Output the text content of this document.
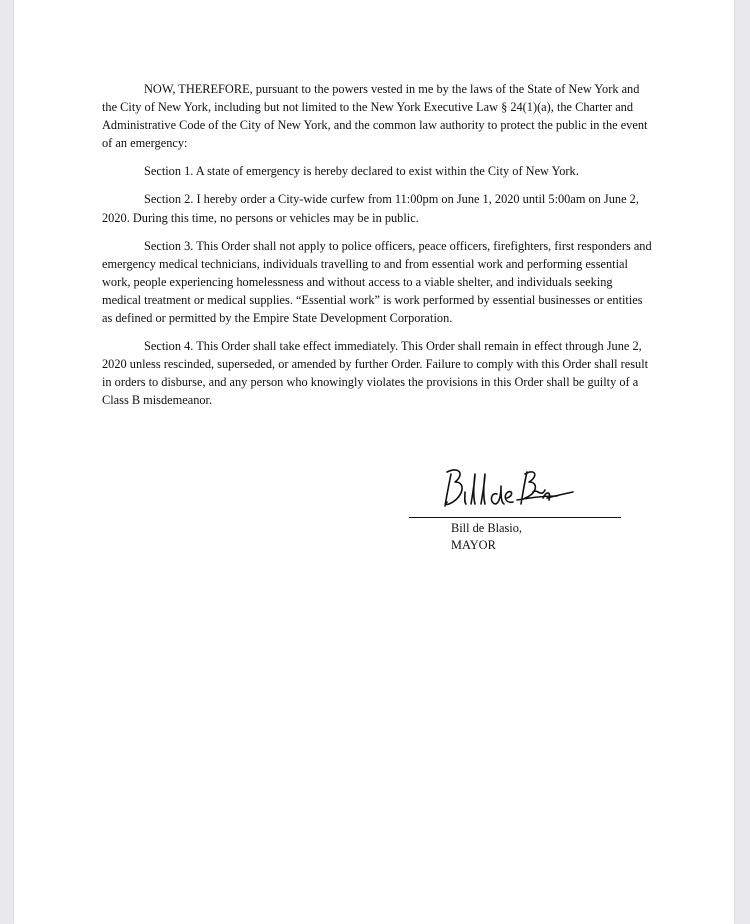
NOW, THEREFORE, pursuant to the powers vested in me by the laws of the State of New York and the City of New York, including but not limited to the New York Executive Law § 24(1)(a), the Charter and Administrative Code of the City of New York, and the common law authority to protect the public in the event of an emergency:

Section 1. A state of emergency is hereby declared to exist within the City of New York.

Section 2. I hereby order a City-wide curfew from 11:00pm on June 1, 2020 until 5:00am on June 2, 2020. During this time, no persons or vehicles may be in public.

Section 3. This Order shall not apply to police officers, peace officers, firefighters, first responders and emergency medical technicians, individuals travelling to and from essential work and performing essential work, people experiencing homelessness and without access to a viable shelter, and individuals seeking medical treatment or medical supplies. “Essential work” is work performed by essential businesses or entities as defined or permitted by the Empire State Development Corporation.

Section 4. This Order shall take effect immediately. This Order shall remain in effect through June 2, 2020 unless rescinded, superseded, or amended by further Order. Failure to comply with this Order shall result in orders to disburse, and any person who knowingly violates the provisions in this Order shall be guilty of a Class B misdemeanor.

Bill de Blasio,
MAYOR
